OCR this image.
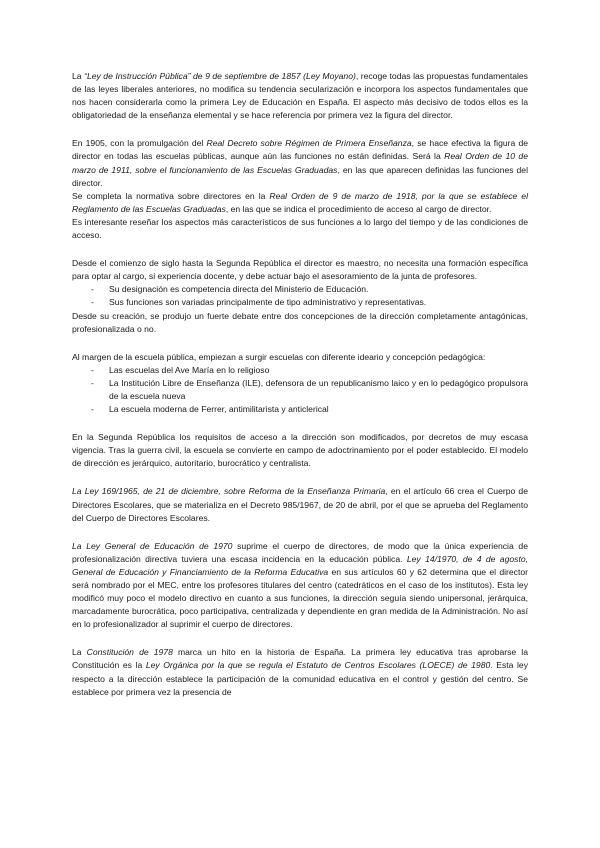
La “Ley de Instrucción Pública” de 9 de septiembre de 1857 (Ley Moyano), recoge todas las propuestas fundamentales de las leyes liberales anteriores, no modifica su tendencia secularización e incorpora los aspectos fundamentales que nos hacen considerarla como la primera Ley de Educación en España. El aspecto más decisivo de todos ellos es la obligatoriedad de la enseñanza elemental y se hace referencia por primera vez la figura del director.

En 1905, con la promulgación del Real Decreto sobre Régimen de Primera Enseñanza, se hace efectiva la figura de director en todas las escuelas públicas, aunque aún las funciones no están definidas. Será la Real Orden de 10 de marzo de 1911, sobre el funcionamiento de las Escuelas Graduadas, en las que aparecen definidas las funciones del director.

Se completa la normativa sobre directores en la Real Orden de 9 de marzo de 1918, por la que se establece el Reglamento de las Escuelas Graduadas, en las que se indica el procedimiento de acceso al cargo de director.

Es interesante reseñar los aspectos más característicos de sus funciones a lo largo del tiempo y de las condiciones de acceso.

Desde el comienzo de siglo hasta la Segunda República el director es maestro, no necesita una formación específica para optar al cargo, si experiencia docente, y debe actuar bajo el asesoramiento de la junta de profesores.

- Su designación es competencia directa del Ministerio de Educación.
- Sus funciones son variadas principalmente de tipo administrativo y representativas.

Desde su creación, se produjo un fuerte debate entre dos concepciones de la dirección completamente antagónicas, profesionalizada o no.

Al margen de la escuela pública, empiezan a surgir escuelas con diferente ideario y concepción pedagógica:

- Las escuelas del Ave María en lo religioso
- La Institución Libre de Enseñanza (ILE), defensora de un republicanismo laico y en lo pedagógico propulsora de la escuela nueva
- La escuela moderna de Ferrer, antimilitarista y anticlerical

En la Segunda República los requisitos de acceso a la dirección son modificados, por decretos de muy escasa vigencia. Tras la guerra civil, la escuela se convierte en campo de adoctrinamiento por el poder establecido. El modelo de dirección es jerárquico, autoritario, burocrático y centralista.

La Ley 169/1965, de 21 de diciembre, sobre Reforma de la Enseñanza Primaria, en el artículo 66 crea el Cuerpo de Directores Escolares, que se materializa en el Decreto 985/1967, de 20 de abril, por el que se aprueba del Reglamento del Cuerpo de Directores Escolares.

La Ley General de Educación de 1970 suprime el cuerpo de directores, de modo que la única experiencia de profesionalización directiva tuviera una escasa incidencia en la educación pública. Ley 14/1970, de 4 de agosto, General de Educación y Financiamiento de la Reforma Educativa en sus artículos 60 y 62 determina que el director será nombrado por el MEC, entre los profesores titulares del centro (catedráticos en el caso de los institutos). Esta ley modificó muy poco el modelo directivo en cuanto a sus funciones, la dirección seguía siendo unipersonal, jerárquica, marcadamente burocrática, poco participativa, centralizada y dependiente en gran medida de la Administración. No así en lo profesionalizador al suprimir el cuerpo de directores.

La Constitución de 1978 marca un hito en la historia de España. La primera ley educativa tras aprobarse la Constitución es la Ley Orgánica por la que se regula el Estatuto de Centros Escolares (LOECE) de 1980. Esta ley respecto a la dirección establece la participación de la comunidad educativa en el control y gestión del centro. Se establece por primera vez la presencia de
